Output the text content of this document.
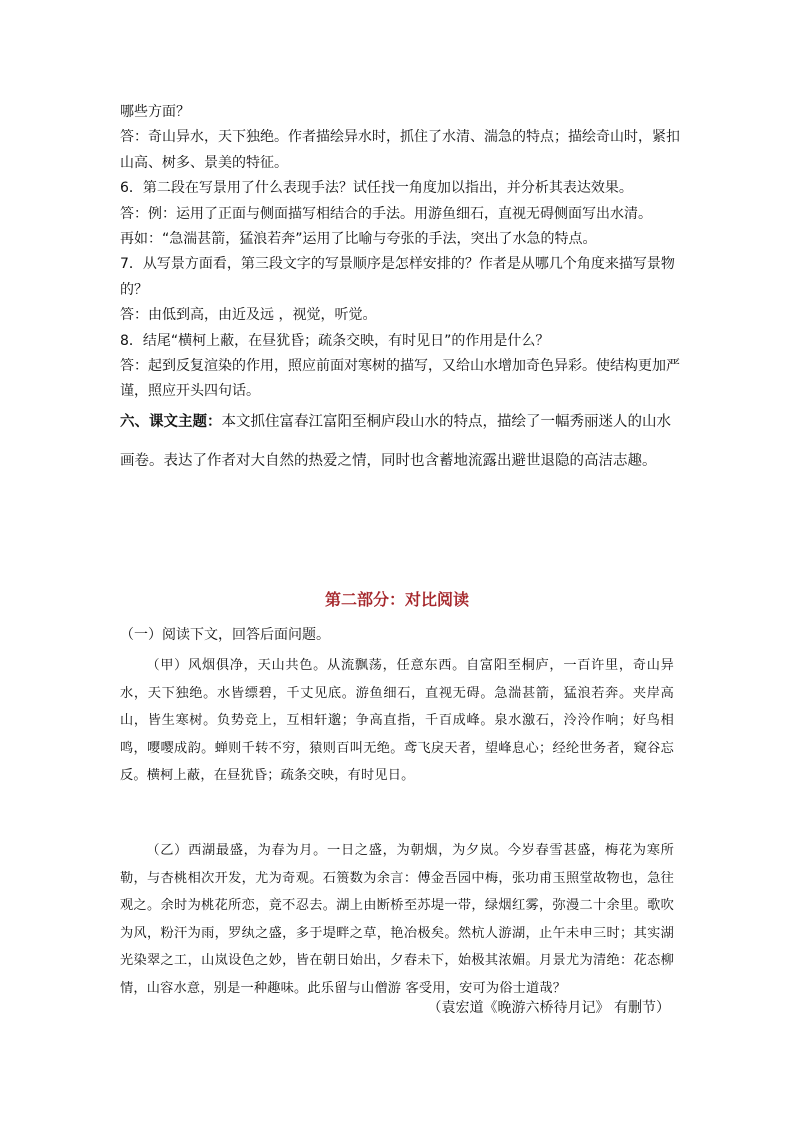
哪些方面？

答：奇山异水，天下独绝。作者描绘异水时，抓住了水清、湍急的特点；描绘奇山时，紧扣山高、树多、景美的特征。

6．第二段在写景用了什么表现手法？试任找一角度加以指出，并分析其表达效果。

答：例：运用了正面与侧面描写相结合的手法。用游鱼细石，直视无碍侧面写出水清。

再如：“急湍甚箭，猛浪若奔”运用了比喻与夸张的手法，突出了水急的特点。

7．从写景方面看，第三段文字的写景顺序是怎样安排的？作者是从哪几个角度来描写景物的？

答：由低到高，由近及远 ，视觉，听觉。

8．结尾“横柯上蔽，在昼犹昏；疏条交映，有时见日”的作用是什么？

答：起到反复渲染的作用，照应前面对寒树的描写，又给山水增加奇色异彩。使结构更加严谨，照应开头四句话。

六、课文主题：本文抓住富春江富阳至桐庐段山水的特点，描绘了一幅秀丽迷人的山水画卷。表达了作者对大自然的热爱之情，同时也含蓄地流露出避世退隐的高洁志趣。
第二部分：对比阅读
（一）阅读下文，回答后面问题。
（甲）风烟俱净，天山共色。从流飘荡，任意东西。自富阳至桐庐，一百许里，奇山异水，天下独绝。水皆缥碧，千丈见底。游鱼细石，直视无碍。急湍甚箭，猛浪若奔。夹岸高山，皆生寒树。负势竞上，互相轩邈；争高直指，千百成峰。泉水激石，泠泠作响；好鸟相鸣，嘤嘤成韵。蝉则千转不穷，猿则百叫无绝。鸢飞戾天者，望峰息心；经纶世务者，窥谷忘反。横柯上蔽，在昼犹昏；疏条交映，有时见日。
（乙）西湖最盛，为春为月。一日之盛，为朝烟，为夕岚。今岁春雪甚盛，梅花为寒所勒，与杏桃相次开发，尤为奇观。石篑数为余言：傅金吾园中梅，张功甫玉照堂故物也，急往观之。余时为桃花所恋，竟不忍去。湖上由断桥至苏堤一带，绿烟红雾，弥漫二十余里。歌吹为风，粉汗为雨，罗纨之盛，多于堤畔之草，艳冶极矣。然杭人游湖，止午未申三时；其实湖光染翠之工，山岚设色之妙，皆在朝日始出，夕舂未下，始极其浓媚。月景尤为清绝：花态柳情，山容水意，别是一种趣味。此乐留与山僧游 客受用，安可为俗士道哉？
（袁宏道《晚游六桥待月记》 有删节）
